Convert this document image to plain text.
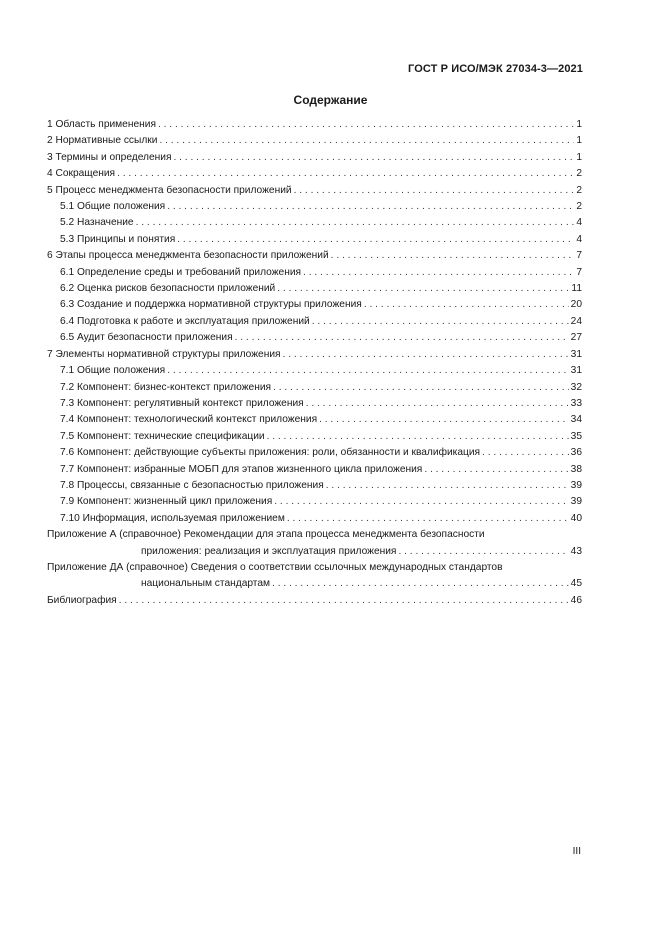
ГОСТ Р ИСО/МЭК 27034-3—2021
Содержание
1 Область применения . . .	1
2 Нормативные ссылки . . .	1
3 Термины и определения . . .	1
4 Сокращения . . .	2
5 Процесс менеджмента безопасности приложений . . .	2
5.1 Общие положения . . .	2
5.2 Назначение . . .	4
5.3 Принципы и понятия . . .	4
6 Этапы процесса менеджмента безопасности приложений . . .	7
6.1 Определение среды и требований приложения . . .	7
6.2 Оценка рисков безопасности приложений . . .	11
6.3 Создание и поддержка нормативной структуры приложения . . .	20
6.4 Подготовка к работе и эксплуатация приложений . . .	24
6.5 Аудит безопасности приложения . . .	27
7 Элементы нормативной структуры приложения . . .	31
7.1 Общие положения . . .	31
7.2 Компонент: бизнес-контекст приложения . . .	32
7.3 Компонент: регулятивный контекст приложения . . .	33
7.4 Компонент: технологический контекст приложения . . .	34
7.5 Компонент: технические спецификации . . .	35
7.6 Компонент: действующие субъекты приложения: роли, обязанности и квалификация . . .	36
7.7 Компонент: избранные МОБП для этапов жизненного цикла приложения . . .	38
7.8 Процессы, связанные с безопасностью приложения . . .	39
7.9 Компонент: жизненный цикл приложения . . .	39
7.10 Информация, используемая приложением . . .	40
Приложение А (справочное) Рекомендации для этапа процесса менеджмента безопасности
приложения: реализация и эксплуатация приложения . . .	43
Приложение ДА (справочное) Сведения о соответствии ссылочных международных стандартов
национальным стандартам . . .	45
Библиография . . .	46
III
